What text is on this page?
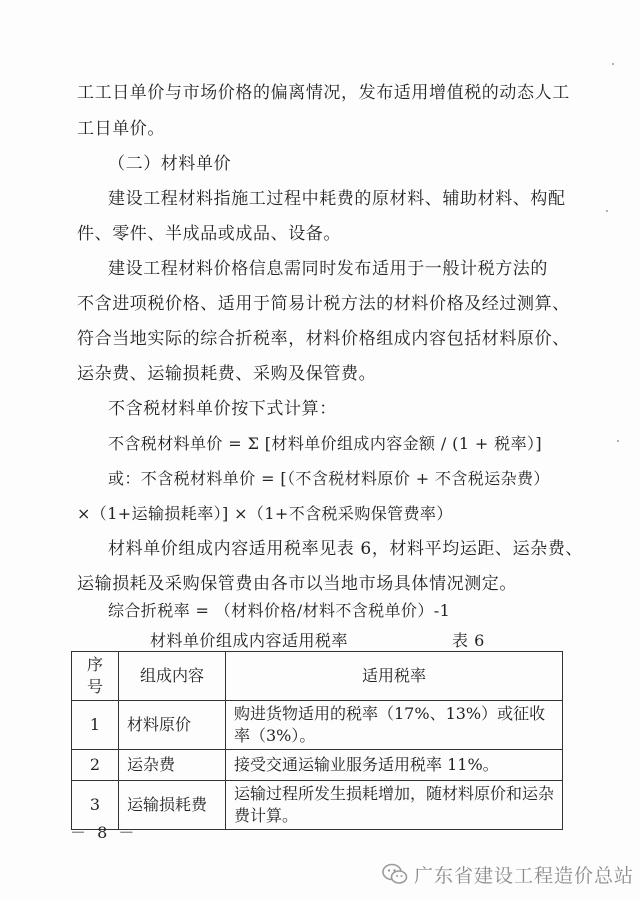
工工日单价与市场价格的偏离情况，发布适用增值税的动态人工
工日单价。
（二）材料单价
建设工程材料指施工过程中耗费的原材料、辅助材料、构配
件、零件、半成品或成品、设备。
建设工程材料价格信息需同时发布适用于一般计税方法的
不含进项税价格、适用于简易计税方法的材料价格及经过测算、
符合当地实际的综合折税率，材料价格组成内容包括材料原价、
运杂费、运输损耗费、采购及保管费。
不含税材料单价按下式计算：
不含税材料单价 = Σ [材料单价组成内容金额 / (1 + 税率）]
或：不含税材料单价 = [（不含税材料原价 + 不含税运杂费）
×（1+运输损耗率）] ×（1+不含税采购保管费率）
材料单价组成内容适用税率见表 6，材料平均运距、运杂费、
运输损耗及采购保管费由各市以当地市场具体情况测定。
综合折税率 = （材料价格/材料不含税单价）-1
材料单价组成内容适用税率	表 6
序号	组成内容	适用税率
1	材料原价	购进货物适用的税率（17%、13%）或征收率（3%）。
2	运杂费	接受交通运输业服务适用税率 11%。
3	运输损耗费	运输过程所发生损耗增加，随材料原价和运杂费计算。
－ 8 －
广东省建设工程造价总站
